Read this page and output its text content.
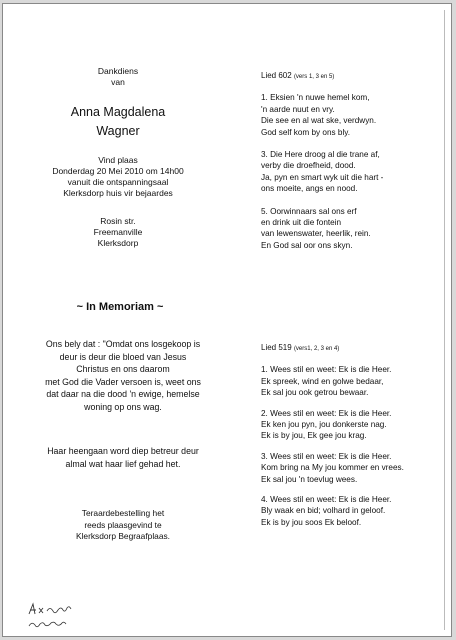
Dankdiens
van
Anna Magdalena
Wagner
Vind plaas
Donderdag 20 Mei 2010 om 14h00
vanuit die ontspanningsaal
Klerksdorp huis vir bejaardes
Rosin str.
Freemanville
Klerksdorp
~ In Memoriam ~
Ons bely dat : "Omdat ons losgekoop is
deur is deur die bloed van Jesus
Christus en ons daarom
met God die Vader versoen is, weet ons
dat daar na die dood 'n ewige, hemelse
woning op ons wag.
Haar heengaan word diep betreur deur
almal wat haar lief gehad het.
Teraardebestelling het
reeds plaasgevind te
Klerksdorp Begraafplaas.
Lied 602 (vers 1, 3 en 5)
1. Eksien 'n nuwe hemel kom,
'n aarde nuut en vry.
Die see en al wat ske, verdwyn.
God self kom by ons bly.
3. Die Here droog al die trane af,
verby die droefheid, dood.
Ja, pyn en smart wyk uit die hart -
ons moeite, angs en nood.
5. Oorwinnaars sal ons erf
en drink uit die fontein
van lewenswater, heerlik, rein.
En God sal oor ons skyn.
Lied 519 (vers1, 2, 3 en 4)
1. Wees stil en weet: Ek is die Heer.
Ek spreek, wind en golwe bedaar,
Ek sal jou ook getrou bewaar.
2. Wees stil en weet: Ek is die Heer.
Ek ken jou pyn, jou donkerste nag.
Ek is by jou, Ek gee jou krag.
3. Wees stil en weet: Ek is die Heer.
Kom bring na My jou kommer en vrees.
Ek sal jou 'n toevlug wees.
4. Wees stil en weet: Ek is die Heer.
Bly waak en bid; volhard in geloof.
Ek is by jou soos Ek beloof.
